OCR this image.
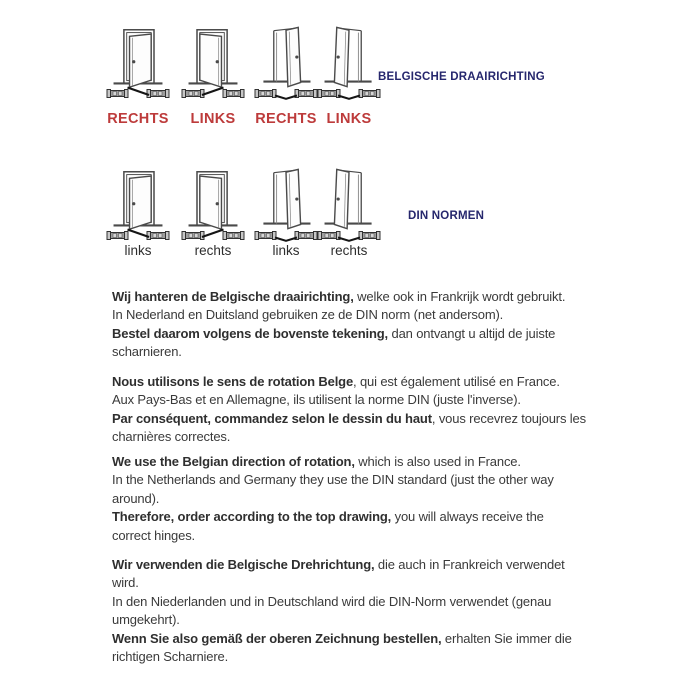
RECHTS	LINKS	RECHTS LINKS
BELGISCHE DRAAIRICHTING
links	rechts	links	rechts
DIN NORMEN
Wij hanteren de Belgische draairichting, welke ook in Frankrijk wordt gebruikt.
In Nederland en Duitsland gebruiken ze de DIN norm (net andersom).
Bestel daarom volgens de bovenste tekening, dan ontvangt u altijd de juiste
scharnieren.
Nous utilisons le sens de rotation Belge, qui est également utilisé en France.
Aux Pays-Bas et en Allemagne, ils utilisent la norme DIN (juste l'inverse).
Par conséquent, commandez selon le dessin du haut, vous recevrez toujours les
charnières correctes.
We use the Belgian direction of rotation, which is also used in France.
In the Netherlands and Germany they use the DIN standard (just the other way
around).
Therefore, order according to the top drawing, you will always receive the
correct hinges.
Wir verwenden die Belgische Drehrichtung, die auch in Frankreich verwendet
wird.
In den Niederlanden und in Deutschland wird die DIN-Norm verwendet (genau
umgekehrt).
Wenn Sie also gemäß der oberen Zeichnung bestellen, erhalten Sie immer die
richtigen Scharniere.
